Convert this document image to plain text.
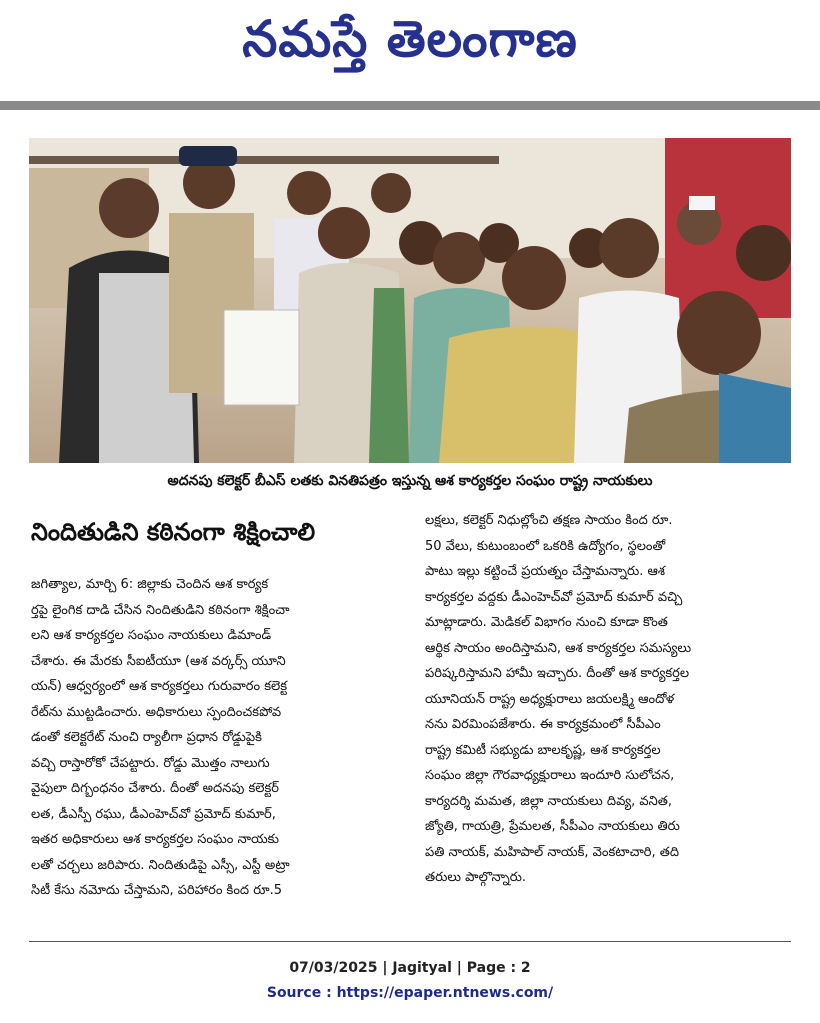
నమస్తే తెలంగాణ
అదనపు కలెక్టర్ బీఎస్ లతకు వినతిపత్రం ఇస్తున్న ఆశ కార్యకర్తల సంఘం రాష్ట్ర నాయకులు
నిందితుడిని కఠినంగా శిక్షించాలి

జగిత్యాల, మార్చి 6: జిల్లాకు చెందిన ఆశ కార్యక

ర్తపై లైంగిక దాడి చేసిన నిందితుడిని కఠినంగా శిక్షించా

లని ఆశ కార్యకర్తల సంఘం నాయకులు డిమాండ్

చేశారు. ఈ మేరకు సీఐటీయూ (ఆశ వర్కర్స్ యూని

యన్) ఆధ్వర్యంలో ఆశ కార్యకర్తలు గురువారం కలెక్ట

రేట్‌ను ముట్టడించారు. అధికారులు స్పందించకపోవ

డంతో కలెక్టరేట్ నుంచి ర్యాలీగా ప్రధాన రోడ్డుపైకి

వచ్చి రాస్తారోకో చేపట్టారు. రోడ్డు మొత్తం నాలుగు

వైపులా దిగ్బంధనం చేశారు. దీంతో అదనపు కలెక్టర్

లత, డీఎస్పీ రఘు, డీఎంహెచ్‌వో ప్రమోద్ కుమార్,

ఇతర అధికారులు ఆశ కార్యకర్తల సంఘం నాయకు

లతో చర్చలు జరిపారు. నిందితుడిపై ఎస్సీ, ఎస్టీ అట్రా

సిటీ కేసు నమోదు చేస్తామని, పరిహారం కింద రూ.5

లక్షలు, కలెక్టర్ నిధుల్లోంచి తక్షణ సాయం కింద రూ.

50 వేలు, కుటుంబంలో ఒకరికి ఉద్యోగం, స్థలంతో

పాటు ఇల్లు కట్టించే ప్రయత్నం చేస్తామన్నారు. ఆశ

కార్యకర్తల వద్దకు డీఎంహెచ్‌వో ప్రమోద్ కుమార్ వచ్చి

మాట్లాడారు. మెడికల్ విభాగం నుంచి కూడా కొంత

ఆర్థిక సాయం అందిస్తామని, ఆశ కార్యకర్తల సమస్యలు

పరిష్కరిస్తామని హామీ ఇచ్చారు. దీంతో ఆశ కార్యకర్తల

యూనియన్ రాష్ట్ర అధ్యక్షురాలు జయలక్ష్మి ఆందోళ

నను విరమింపజేశారు. ఈ కార్యక్రమంలో సీపీఎం

రాష్ట్ర కమిటీ సభ్యుడు బాలకృష్ణ, ఆశ కార్యకర్తల

సంఘం జిల్లా గౌరవాధ్యక్షురాలు ఇందూరి సులోచన,

కార్యదర్శి మమత, జిల్లా నాయకులు దివ్య, వనిత,

జ్యోతి, గాయత్రి, ప్రేమలత, సీపీఎం నాయకులు తిరు

పతి నాయక్, మహిపాల్ నాయక్, వెంకటాచారి, తది

తరులు పాల్గొన్నారు.

07/03/2025 | Jagityal | Page : 2
Source : https://epaper.ntnews.com/
